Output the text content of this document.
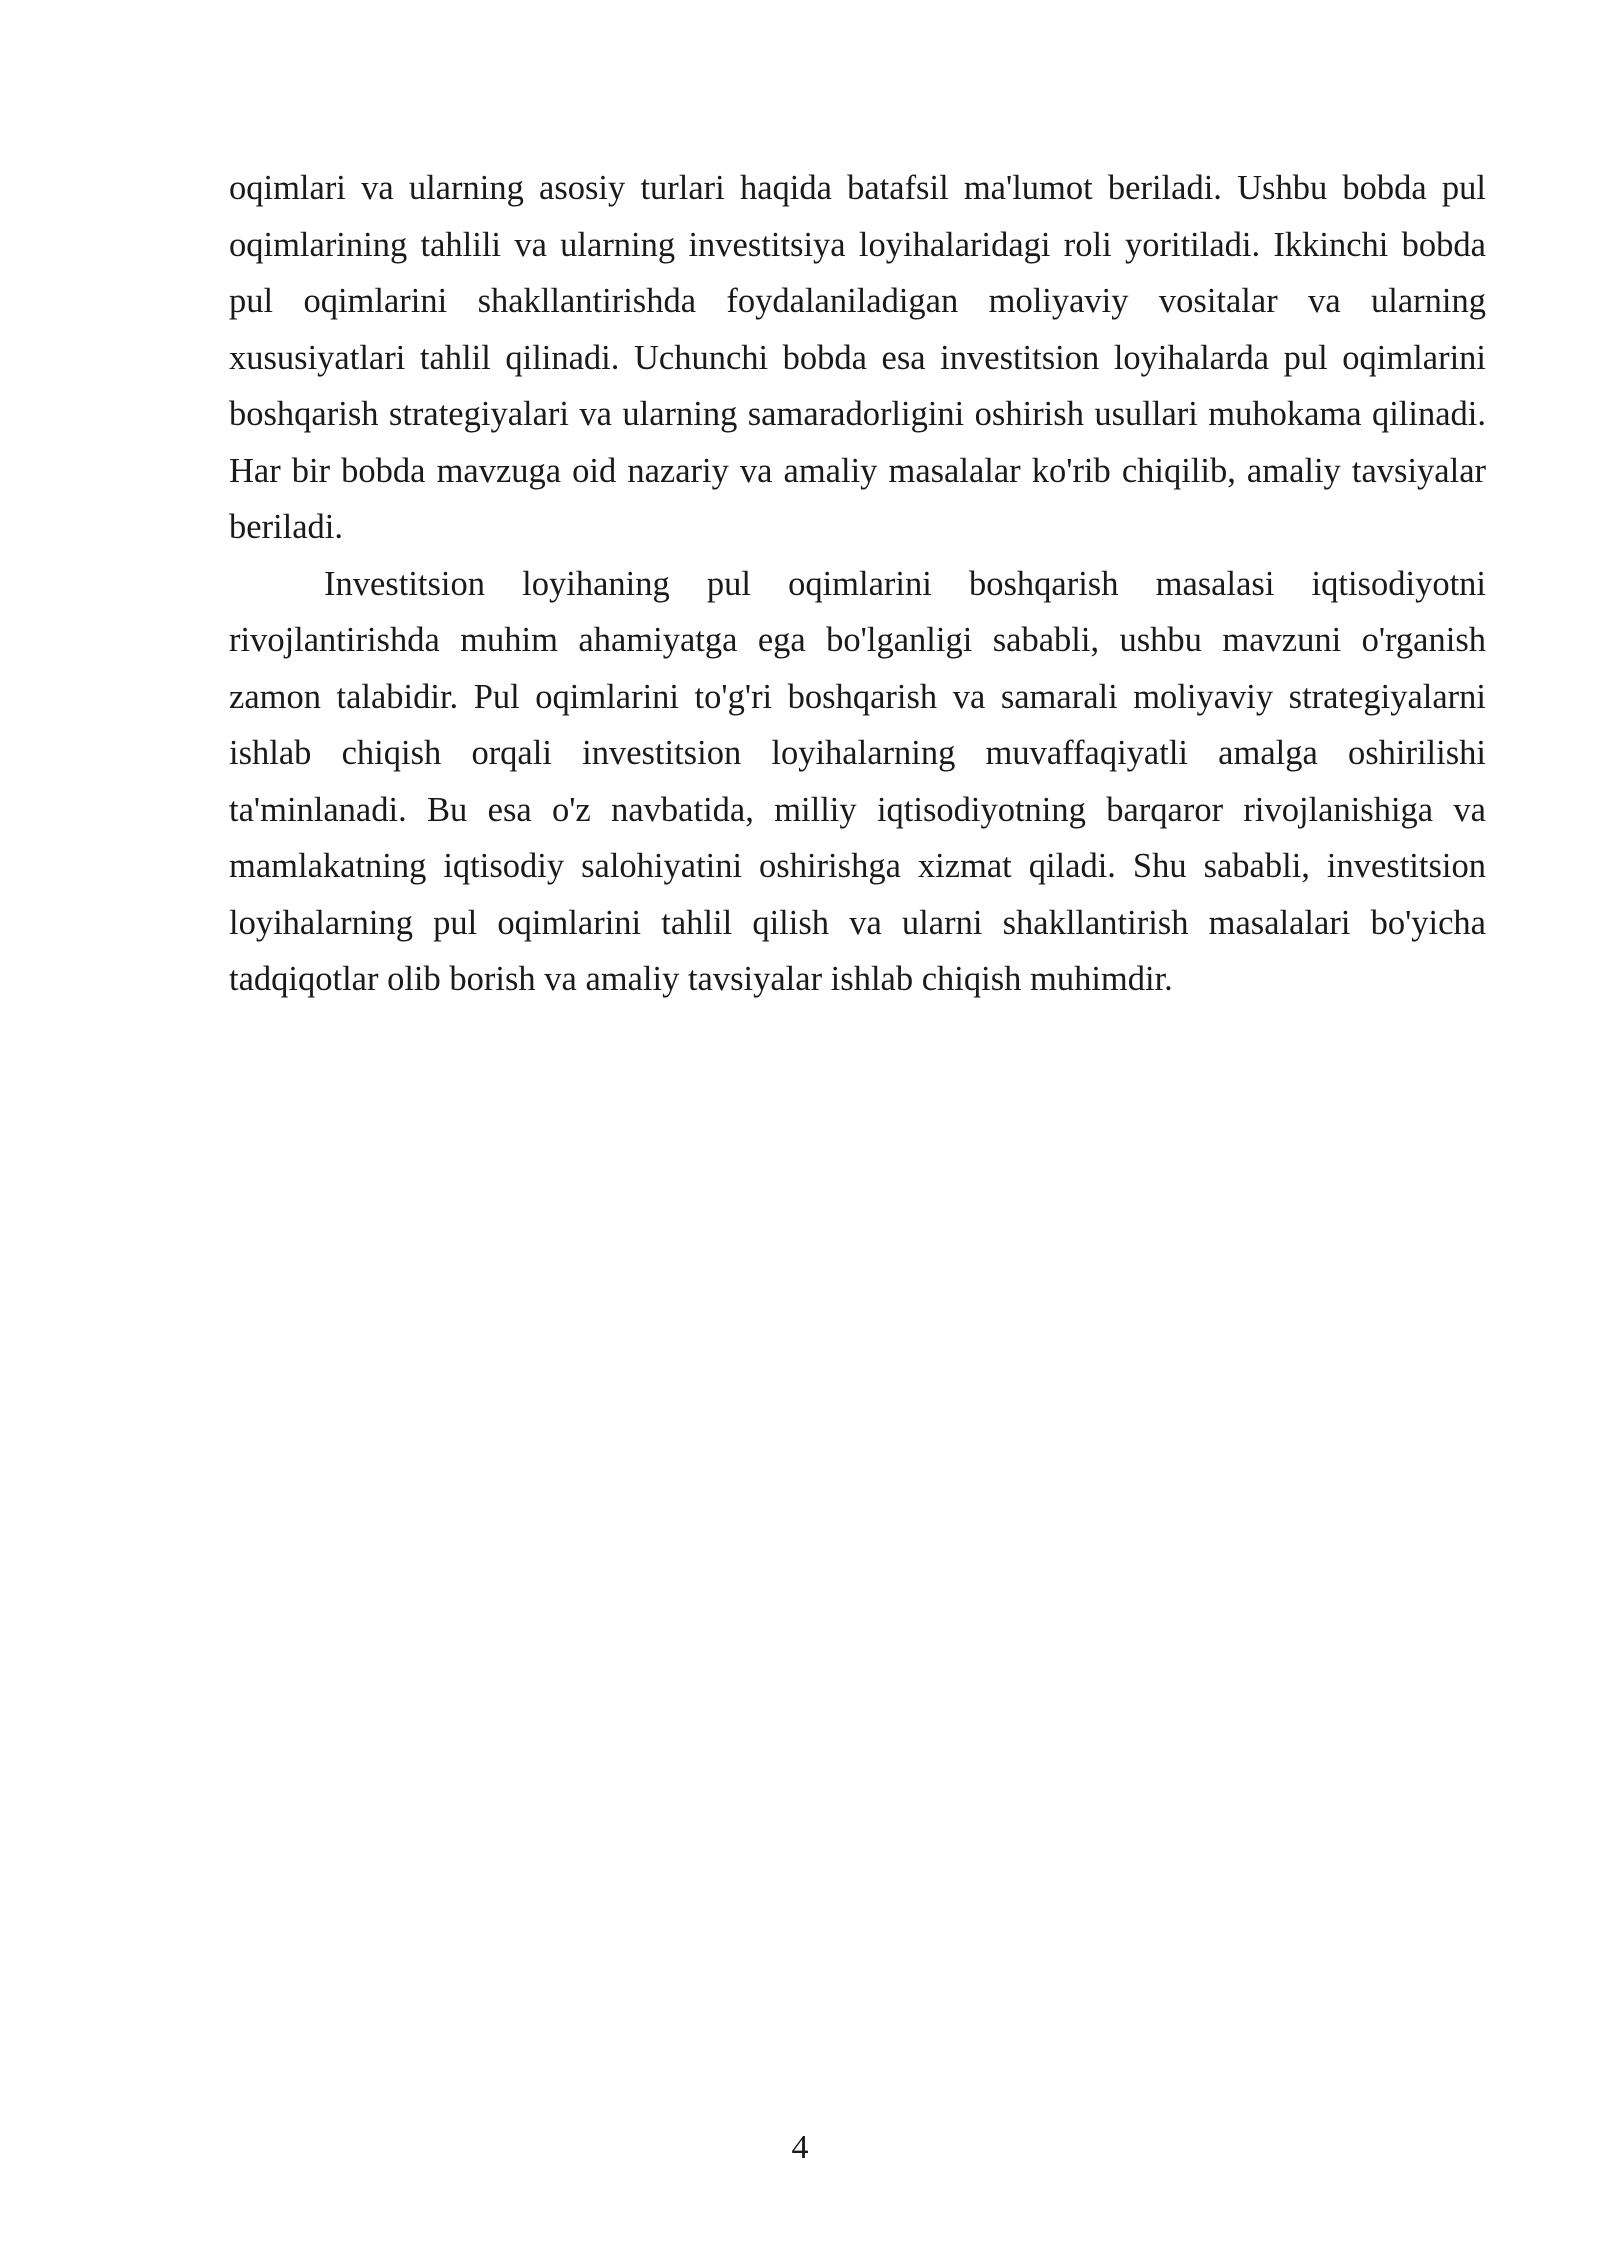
oqimlari va ularning asosiy turlari haqida batafsil ma'lumot beriladi. Ushbu bobda pul oqimlarining tahlili va ularning investitsiya loyihalaridagi roli yoritiladi. Ikkinchi bobda pul oqimlarini shakllantirishda foydalaniladigan moliyaviy vositalar va ularning xususiyatlari tahlil qilinadi. Uchunchi bobda esa investitsion loyihalarda pul oqimlarini boshqarish strategiyalari va ularning samaradorligini oshirish usullari muhokama qilinadi. Har bir bobda mavzuga oid nazariy va amaliy masalalar ko'rib chiqilib, amaliy tavsiyalar beriladi.

Investitsion loyihaning pul oqimlarini boshqarish masalasi iqtisodiyotni rivojlantirishda muhim ahamiyatga ega bo'lganligi sababli, ushbu mavzuni o'rganish zamon talabidir. Pul oqimlarini to'g'ri boshqarish va samarali moliyaviy strategiyalarni ishlab chiqish orqali investitsion loyihalarning muvaffaqiyatli amalga oshirilishi ta'minlanadi. Bu esa o'z navbatida, milliy iqtisodiyotning barqaror rivojlanishiga va mamlakatning iqtisodiy salohiyatini oshirishga xizmat qiladi. Shu sababli, investitsion loyihalarning pul oqimlarini tahlil qilish va ularni shakllantirish masalalari bo'yicha tadqiqotlar olib borish va amaliy tavsiyalar ishlab chiqish muhimdir.

4
